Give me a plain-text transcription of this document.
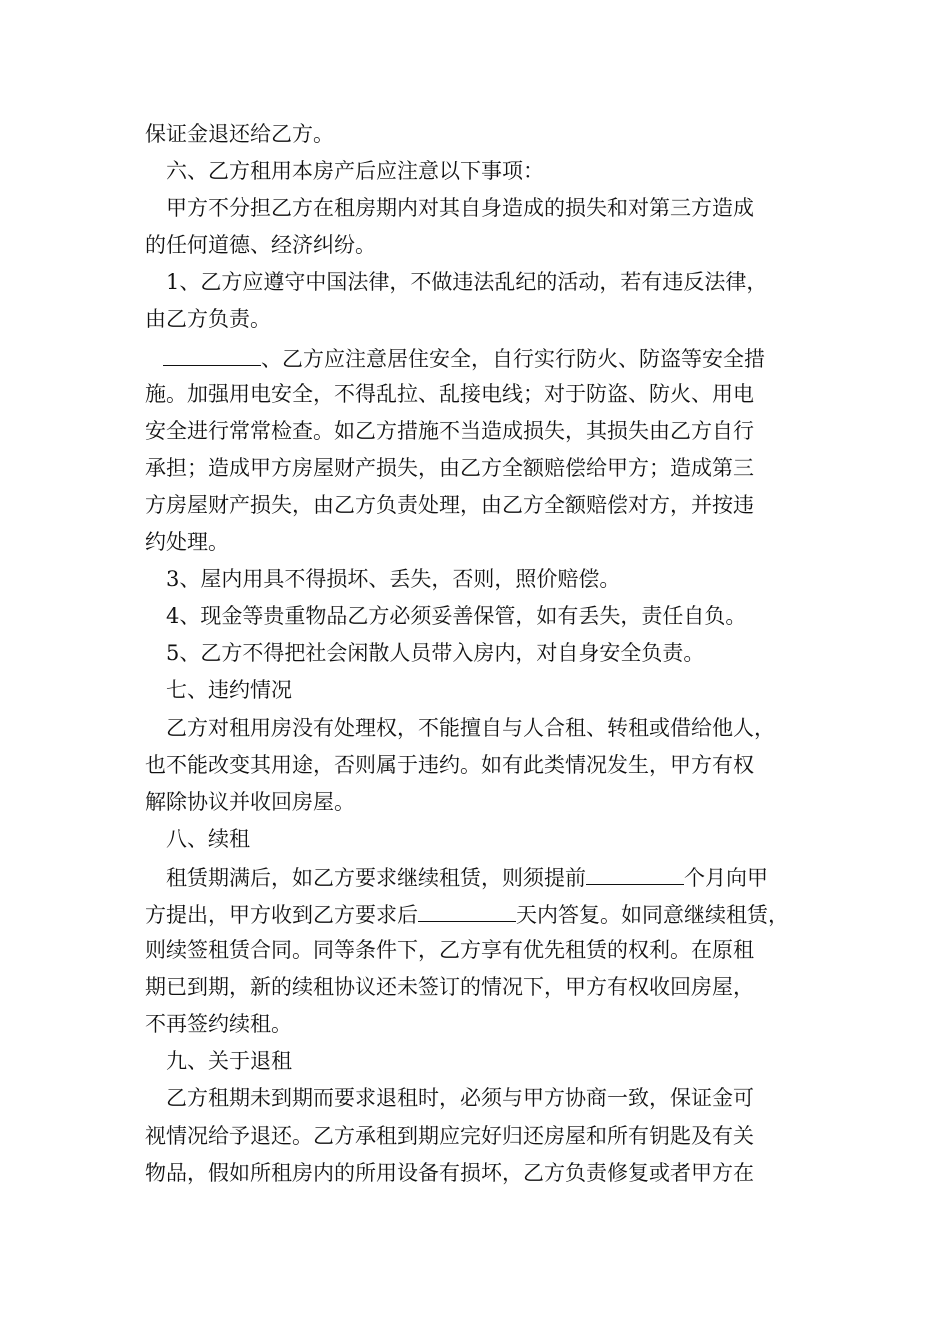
保证金退还给乙方。
六、乙方租用本房产后应注意以下事项：
甲方不分担乙方在租房期内对其自身造成的损失和对第三方造成
的任何道德、经济纠纷。
1、乙方应遵守中国法律，不做违法乱纪的活动，若有违反法律，
由乙方负责。
、乙方应注意居住安全，自行实行防火、防盗等安全措
施。加强用电安全，不得乱拉、乱接电线；对于防盗、防火、用电
安全进行常常检查。如乙方措施不当造成损失，其损失由乙方自行
承担；造成甲方房屋财产损失，由乙方全额赔偿给甲方；造成第三
方房屋财产损失，由乙方负责处理，由乙方全额赔偿对方，并按违
约处理。
3、屋内用具不得损坏、丢失，否则，照价赔偿。
4、现金等贵重物品乙方必须妥善保管，如有丢失，责任自负。
5、乙方不得把社会闲散人员带入房内，对自身安全负责。
七、违约情况
乙方对租用房没有处理权，不能擅自与人合租、转租或借给他人，
也不能改变其用途，否则属于违约。如有此类情况发生，甲方有权
解除协议并收回房屋。
八、续租
租赁期满后，如乙方要求继续租赁，则须提前	个月向甲
方提出，甲方收到乙方要求后	天内答复。如同意继续租赁，
则续签租赁合同。同等条件下，乙方享有优先租赁的权利。在原租
期已到期，新的续租协议还未签订的情况下，甲方有权收回房屋，
不再签约续租。
九、关于退租
乙方租期未到期而要求退租时，必须与甲方协商一致，保证金可
视情况给予退还。乙方承租到期应完好归还房屋和所有钥匙及有关
物品，假如所租房内的所用设备有损坏，乙方负责修复或者甲方在
